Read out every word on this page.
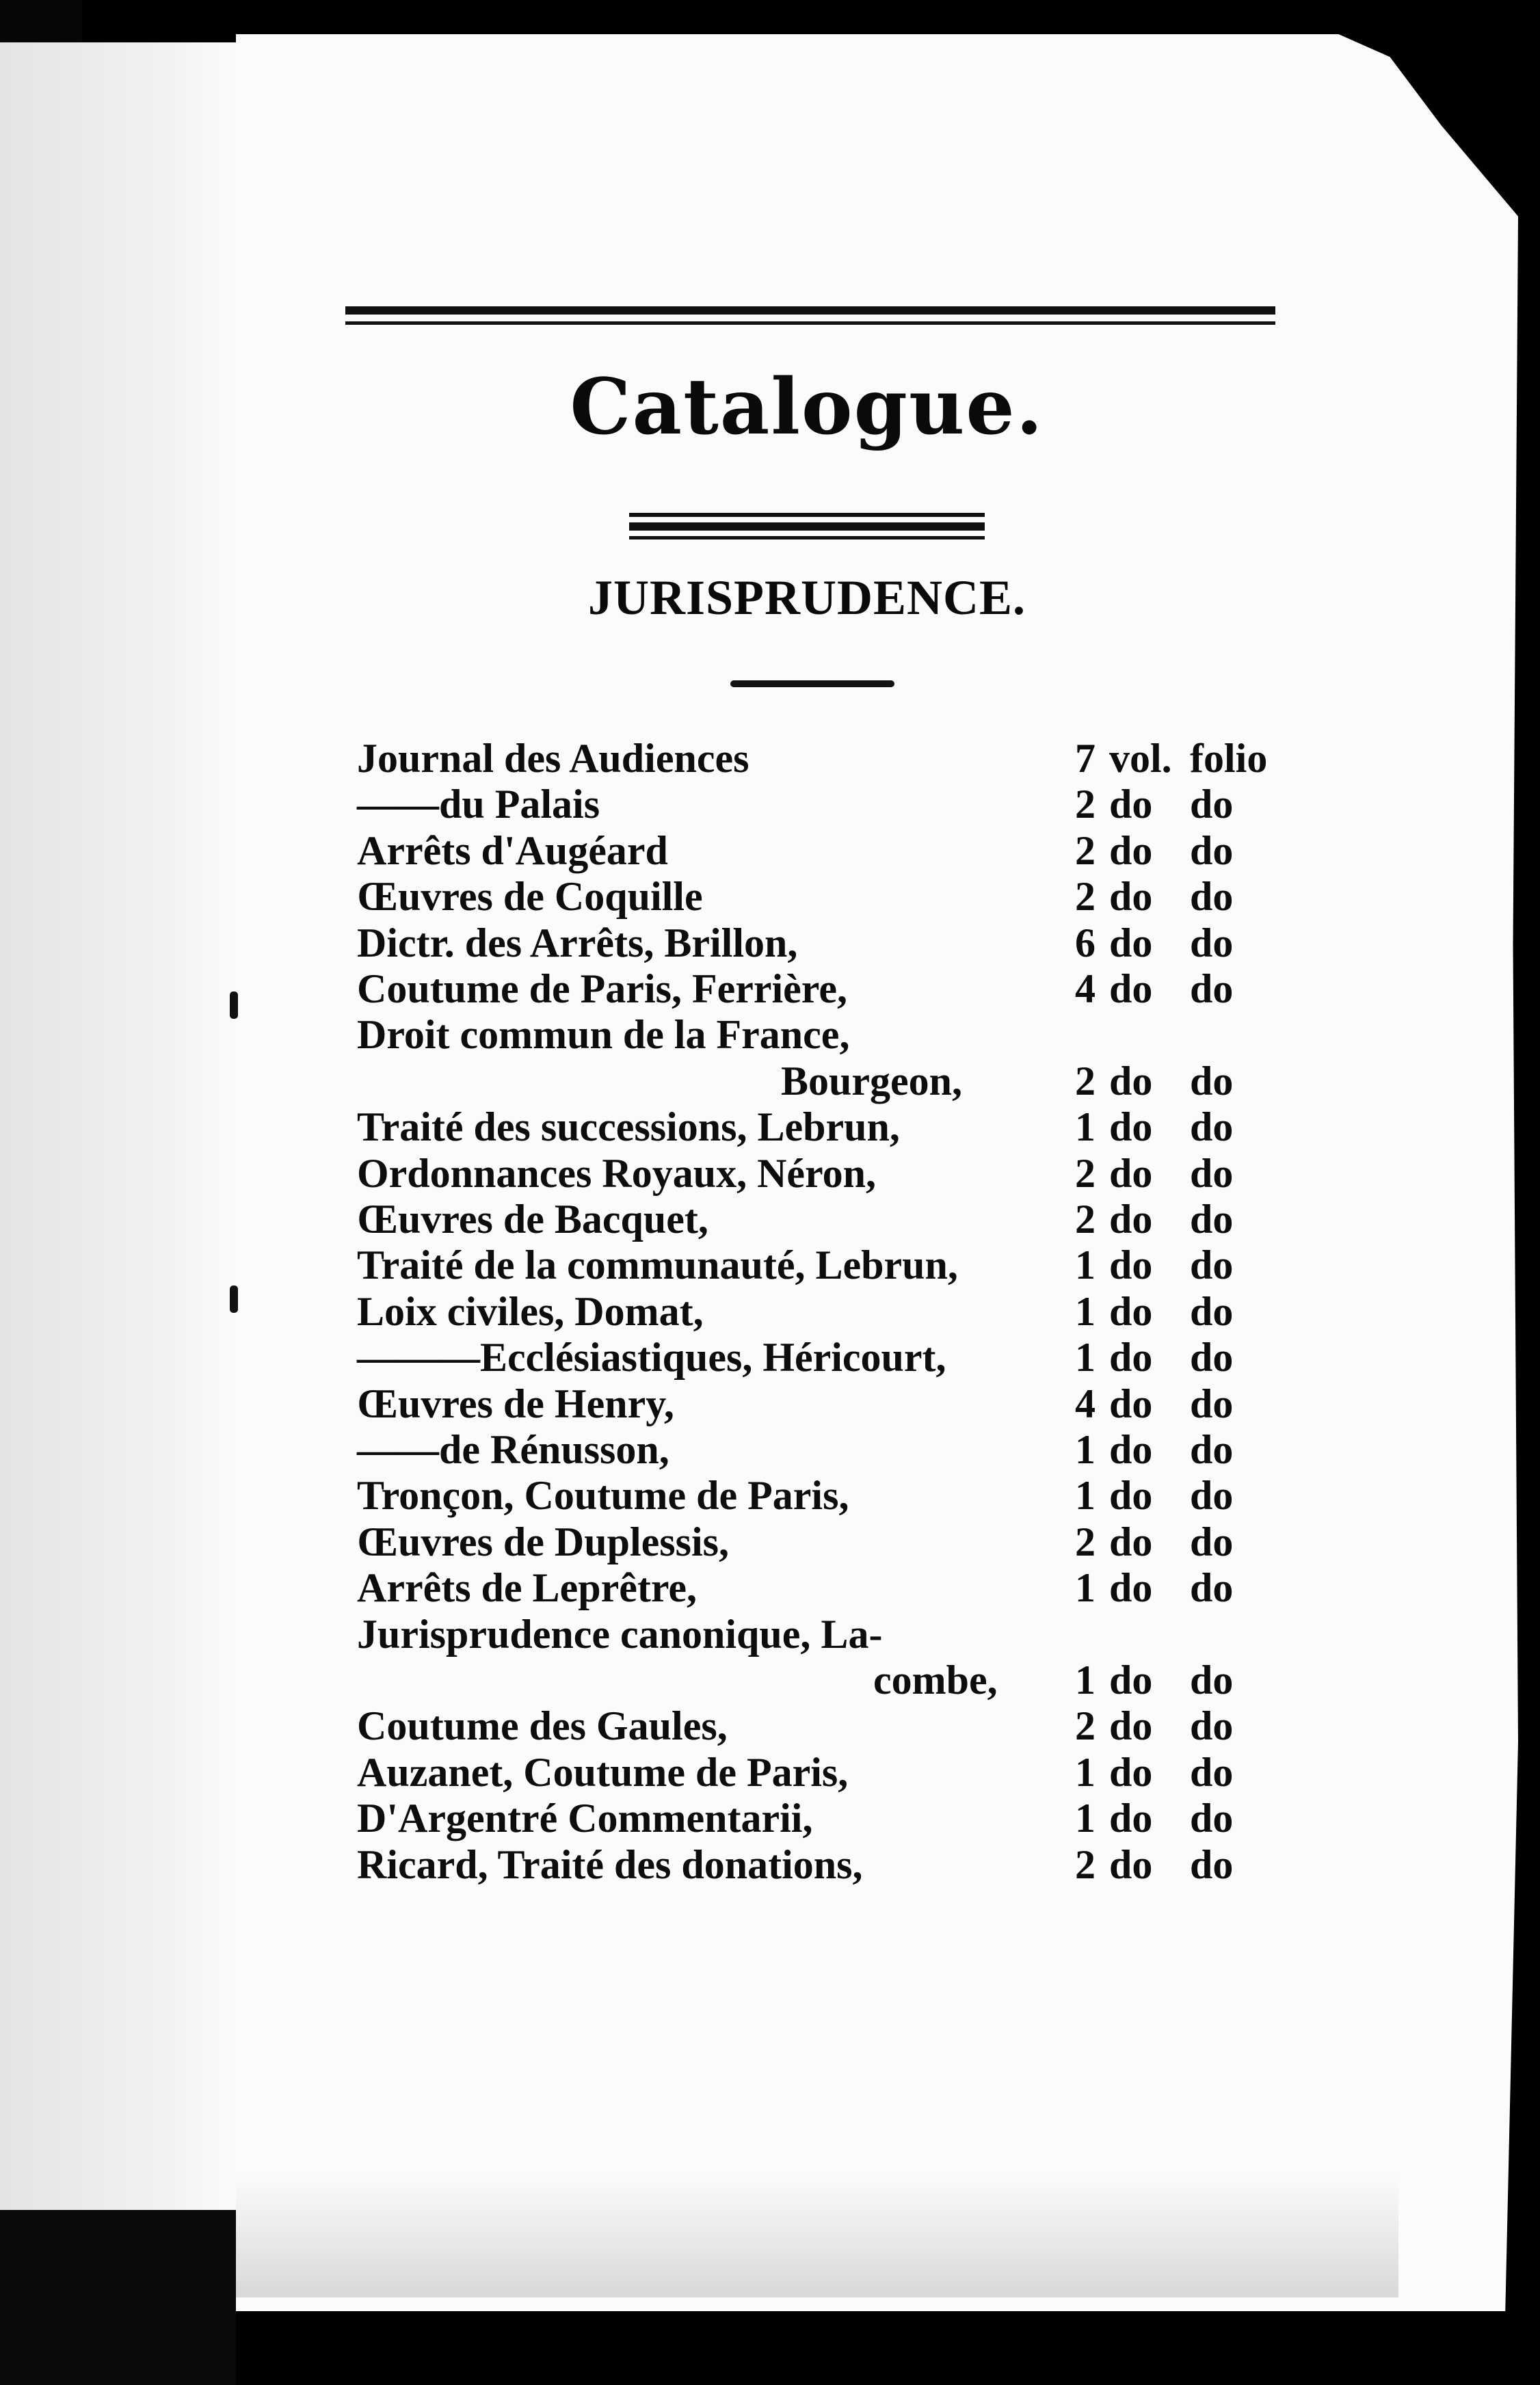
Catalogue.
JURISPRUDENCE.
Journal des Audiences	7 vol. folio
——du Palais	2 do do
Arrêts d'Augéard	2 do do
Œuvres de Coquille	2 do do
Dictr. des Arrêts, Brillon,	6 do do
Coutume de Paris, Ferrière,	4 do do
Droit commun de la France,
Bourgeon,	2 do do
Traité des successions, Lebrun,	1 do do
Ordonnances Royaux, Néron,	2 do do
Œuvres de Bacquet,	2 do do
Traité de la communauté, Lebrun,	1 do do
Loix civiles, Domat,	1 do do
———Ecclésiastiques, Héricourt,	1 do do
Œuvres de Henry,	4 do do
——de Rénusson,	1 do do
Tronçon, Coutume de Paris,	1 do do
Œuvres de Duplessis,	2 do do
Arrêts de Leprêtre,	1 do do
Jurisprudence canonique, La-
combe,	1 do do
Coutume des Gaules,	2 do do
Auzanet, Coutume de Paris,	1 do do
D'Argentré Commentarii,	1 do do
Ricard, Traité des donations,	2 do do
